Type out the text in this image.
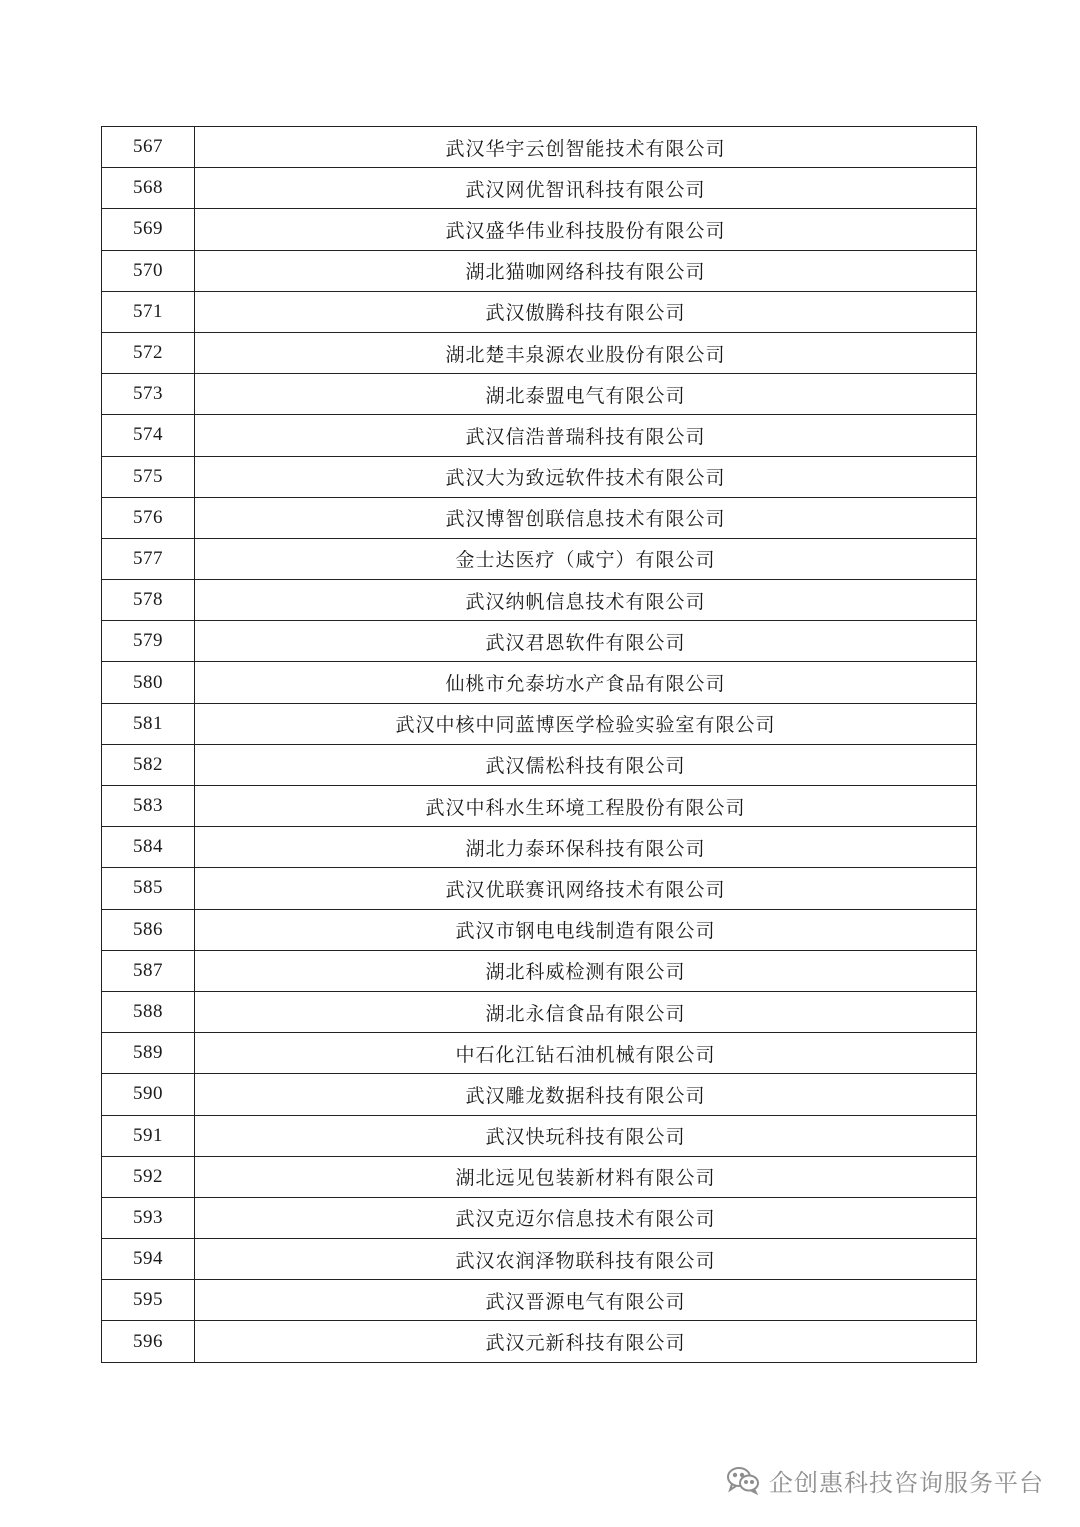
567	武汉华宇云创智能技术有限公司
568	武汉网优智讯科技有限公司
569	武汉盛华伟业科技股份有限公司
570	湖北猫咖网络科技有限公司
571	武汉傲腾科技有限公司
572	湖北楚丰泉源农业股份有限公司
573	湖北泰盟电气有限公司
574	武汉信浩普瑞科技有限公司
575	武汉大为致远软件技术有限公司
576	武汉博智创联信息技术有限公司
577	金士达医疗（咸宁）有限公司
578	武汉纳帆信息技术有限公司
579	武汉君恩软件有限公司
580	仙桃市允泰坊水产食品有限公司
581	武汉中核中同蓝博医学检验实验室有限公司
582	武汉儒松科技有限公司
583	武汉中科水生环境工程股份有限公司
584	湖北力泰环保科技有限公司
585	武汉优联赛讯网络技术有限公司
586	武汉市钢电电线制造有限公司
587	湖北科威检测有限公司
588	湖北永信食品有限公司
589	中石化江钻石油机械有限公司
590	武汉雕龙数据科技有限公司
591	武汉快玩科技有限公司
592	湖北远见包装新材料有限公司
593	武汉克迈尔信息技术有限公司
594	武汉农润泽物联科技有限公司
595	武汉晋源电气有限公司
596	武汉元新科技有限公司
企创惠科技咨询服务平台
